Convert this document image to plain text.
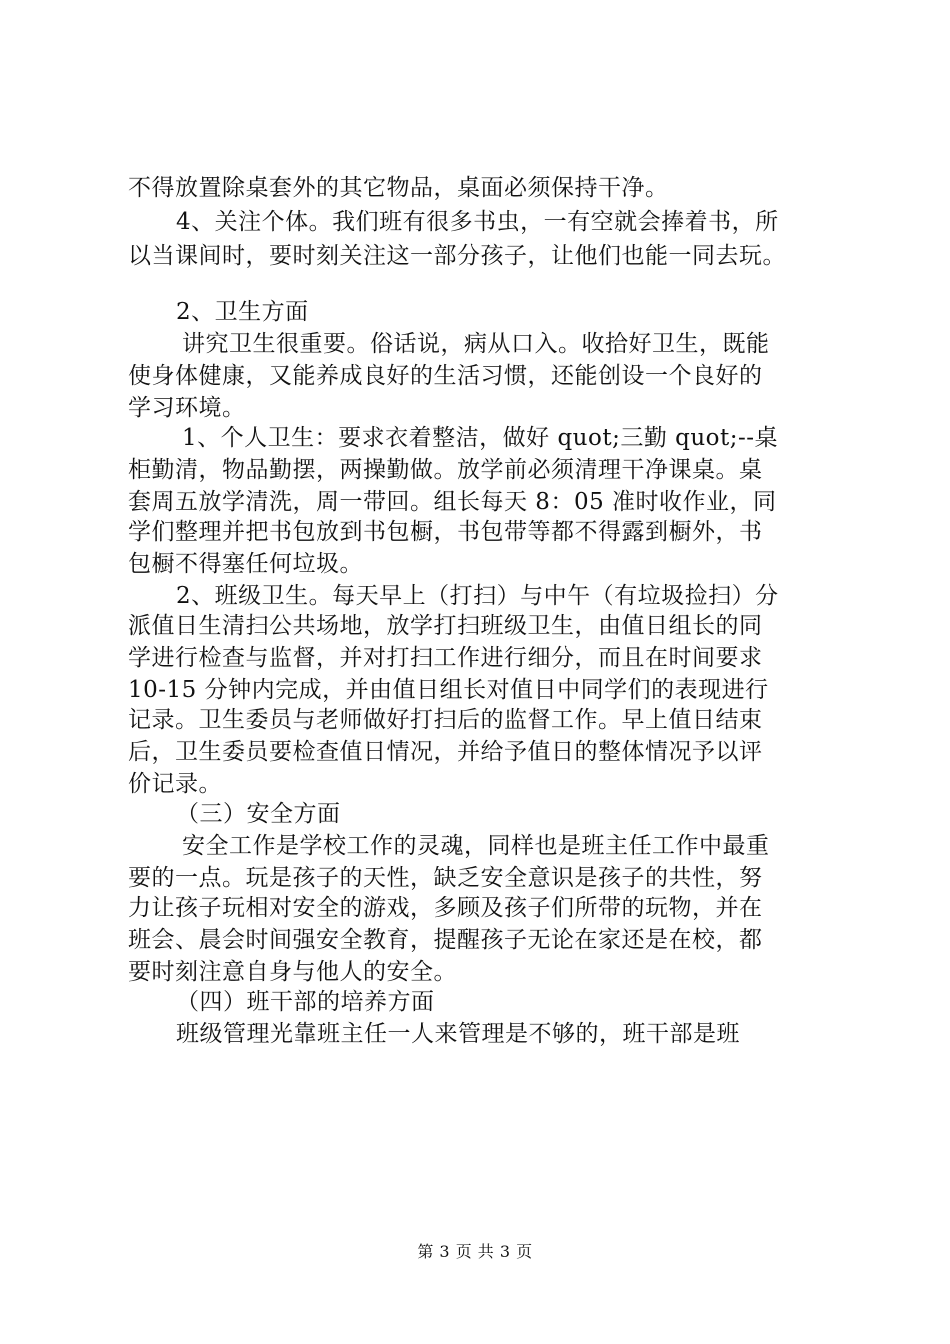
不得放置除桌套外的其它物品，桌面必须保持干净。
4、关注个体。我们班有很多书虫，一有空就会捧着书，所
以当课间时，要时刻关注这一部分孩子，让他们也能一同去玩。
2、卫生方面
讲究卫生很重要。俗话说，病从口入。收拾好卫生，既能
使身体健康，又能养成良好的生活习惯，还能创设一个良好的
学习环境。
1、个人卫生：要求衣着整洁，做好 quot;三勤 quot;--桌
柜勤清，物品勤摆，两操勤做。放学前必须清理干净课桌。桌
套周五放学清洗，周一带回。组长每天 8：05 准时收作业，同
学们整理并把书包放到书包橱，书包带等都不得露到橱外，书
包橱不得塞任何垃圾。
2、班级卫生。每天早上（打扫）与中午（有垃圾捡扫）分
派值日生清扫公共场地，放学打扫班级卫生，由值日组长的同
学进行检查与监督，并对打扫工作进行细分，而且在时间要求
10-15 分钟内完成，并由值日组长对值日中同学们的表现进行
记录。卫生委员与老师做好打扫后的监督工作。早上值日结束
后，卫生委员要检查值日情况，并给予值日的整体情况予以评
价记录。
（三）安全方面
安全工作是学校工作的灵魂，同样也是班主任工作中最重
要的一点。玩是孩子的天性，缺乏安全意识是孩子的共性，努
力让孩子玩相对安全的游戏，多顾及孩子们所带的玩物，并在
班会、晨会时间强安全教育，提醒孩子无论在家还是在校，都
要时刻注意自身与他人的安全。
（四）班干部的培养方面
班级管理光靠班主任一人来管理是不够的，班干部是班
第 3 页 共 3 页
